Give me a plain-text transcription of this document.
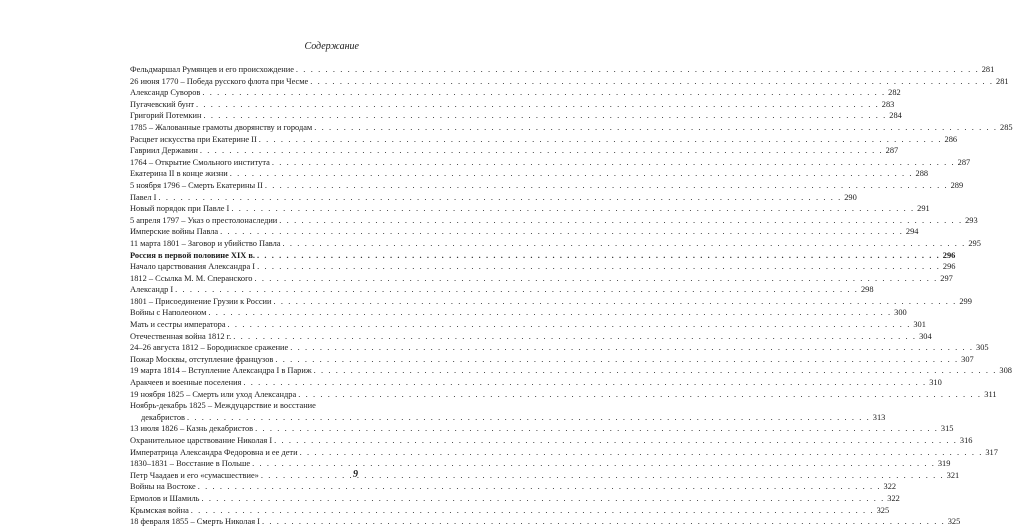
Содержание
Фельдмаршал Румянцев и его происхождение . . .	281
26 июня 1770 – Победа русского флота при Чесме . . .	281
Александр Суворов . . .	282
Пугачевский бунт . . .	283
Григорий Потемкин . . .	284
1785 – Жалованные грамоты дворянству и городам . . .	285
Расцвет искусства при Екатерине II . . .	286
Гавриил Державин . . .	287
1764 – Открытие Смольного института . . .	287
Екатерина II в конце жизни . . .	288
5 ноября 1796 – Смерть Екатерины II . . .	289
Павел I . . .	290
Новый порядок при Павле I . . .	291
5 апреля 1797 – Указ о престолонаследии . . .	293
Имперские войны Павла . . .	294
11 марта 1801 – Заговор и убийство Павла . . .	295
Россия в первой половине XIX в. . . .	296
Начало царствования Александра I . . .	296
1812 – Ссылка М. М. Сперанского . . .	297
Александр I . . .	298
1801 – Присоединение Грузии к России . . .	299
Войны с Наполеоном . . .	300
Мать и сестры императора . . .	301
Отечественная война 1812 г. . . .	304
24–26 августа 1812 – Бородинское сражение . . .	305
Пожар Москвы, отступление французов . . .	307
19 марта 1814 – Вступление Александра I в Париж . . .	308
Аракчеев и военные поселения . . .	310
19 ноября 1825 – Смерть или уход Александра . . .	311
Ноябрь-декабрь 1825 – Междуцарствие и восстание
декабристов . . .	313
13 июля 1826 – Казнь декабристов . . .	315
Охранительное царствование Николая I . . .	316
Императрица Александра Федоровна и ее дети . . .	317
1830–1831 – Восстание в Польше . . .	319
Петр Чаадаев и его «сумасшествие» . . .	321
Войны на Востоке . . .	322
Ермолов и Шамиль . . .	322
Крымская война . . .	325
18 февраля 1855 – Смерть Николая I . . .	325
9
